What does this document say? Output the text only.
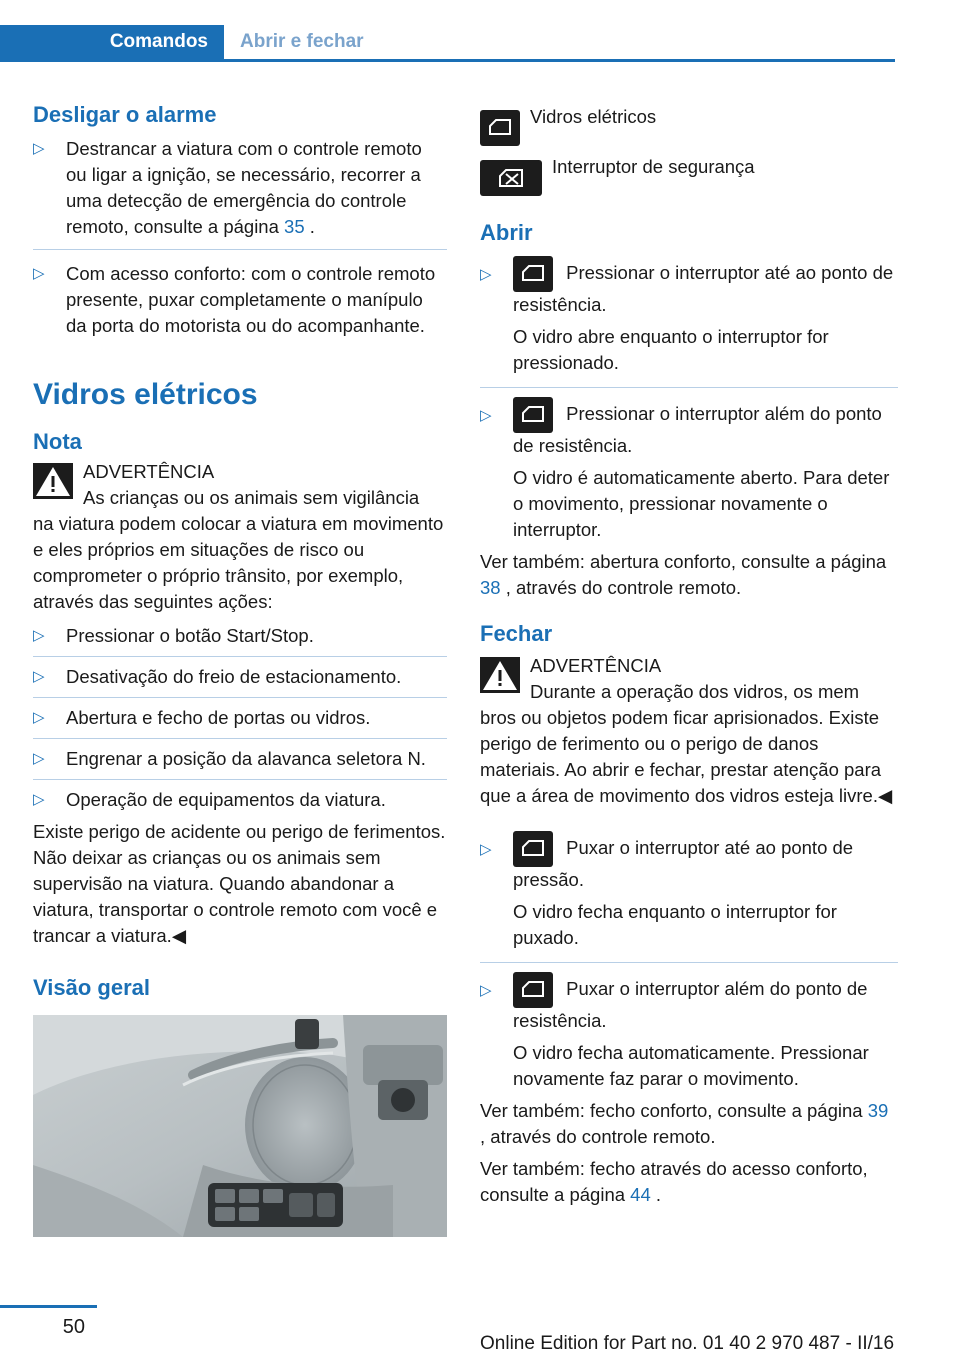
Comandos	Abrir e fechar
Desligar o alarme
▷ Destrancar a viatura com o controle remoto ou ligar a ignição, se necessário, recorrer a uma detecção de emergência do controle remoto, consulte a página 35 .
▷ Com acesso conforto: com o controle remoto presente, puxar completamente o manípulo da porta do motorista ou do acompanhante.
Vidros elétricos
Nota
ADVERTÊNCIA
As crianças ou os animais sem vigilância
na viatura podem colocar a viatura em movimento e eles próprios em situações de risco ou comprometer o próprio trânsito, por exemplo, através das seguintes ações:
▷ Pressionar o botão Start/Stop.
▷ Desativação do freio de estacionamento.
▷ Abertura e fecho de portas ou vidros.
▷ Engrenar a posição da alavanca seletora N.
▷ Operação de equipamentos da viatura.
Existe perigo de acidente ou perigo de ferimentos. Não deixar as crianças ou os animais sem supervisão na viatura. Quando abandonar a viatura, transportar o controle remoto com você e trancar a viatura.◀
Visão geral
Vidros elétricos
Interruptor de segurança
Abrir
▷	Pressionar o interruptor até ao ponto de resistência.
O vidro abre enquanto o interruptor for pressionado.
▷	Pressionar o interruptor além do ponto de resistência.
O vidro é automaticamente aberto. Para deter o movimento, pressionar novamente o interruptor.
Ver também: abertura conforto, consulte a página 38 , através do controle remoto.
Fechar
ADVERTÊNCIA
Durante a operação dos vidros, os mem
bros ou objetos podem ficar aprisionados. Existe perigo de ferimento ou o perigo de danos materiais. Ao abrir e fechar, prestar atenção para que a área de movimento dos vidros esteja livre.◀
▷	Puxar o interruptor até ao ponto de pressão.
O vidro fecha enquanto o interruptor for puxado.
▷	Puxar o interruptor além do ponto de resistência.
O vidro fecha automaticamente. Pressionar novamente faz parar o movimento.
Ver também: fecho conforto, consulte a página 39 , através do controle remoto.
Ver também: fecho através do acesso conforto, consulte a página 44 .
50
Online Edition for Part no. 01 40 2 970 487 - II/16
